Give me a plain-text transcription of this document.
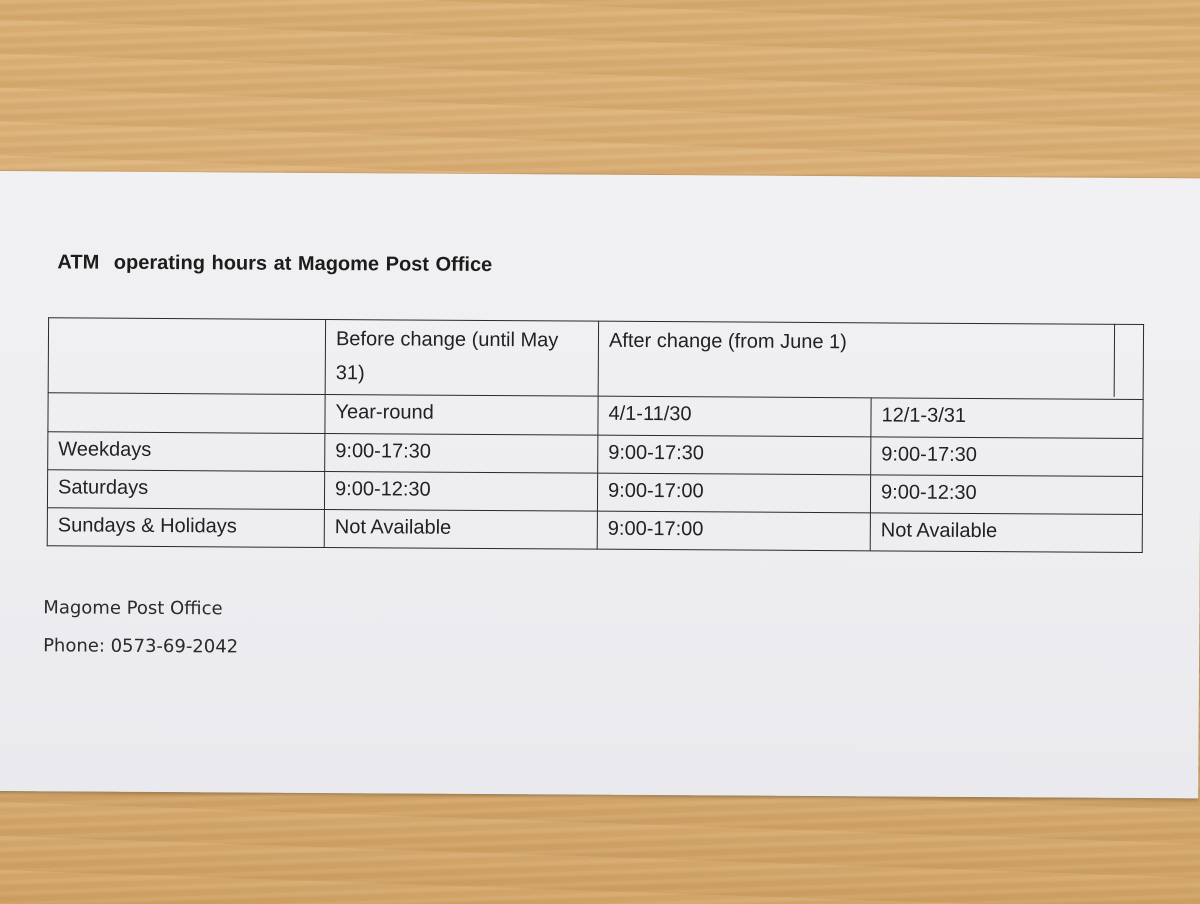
ATM operating hours at Magome Post Office
	Before change (until May 31)	After change (from June 1)	

	Year-round	4/1-11/30	12/1-3/31
Weekdays	9:00-17:30	9:00-17:30	9:00-17:30
Saturdays	9:00-12:30	9:00-17:00	9:00-12:30
Sundays & Holidays	Not Available	9:00-17:00	Not Available

Magome Post Office

Phone: 0573-69-2042
